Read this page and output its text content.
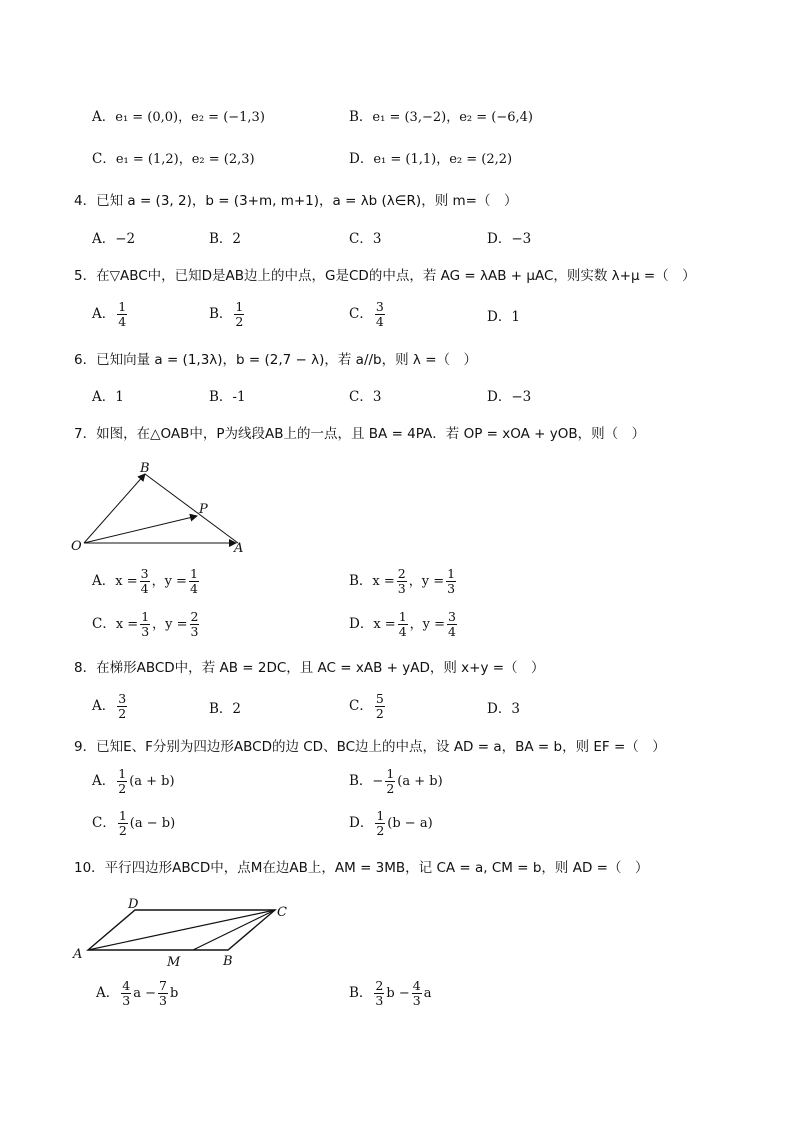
A．e₁ = (0,0)，e₂ = (−1,3)	B．e₁ = (3,−2)，e₂ = (−6,4)
C．e₁ = (1,2)，e₂ = (2,3)	D．e₁ = (1,1)，e₂ = (2,2)
4．已知 a = (3, 2)，b = (3+m, m+1)，a = λb (λ∈R)，则 m=（　）
A．−2	B．2	C．3	D．−3
5．在▽ABC中，已知D是AB边上的中点，G是CD的中点，若 AG = λAB + μAC，则实数 λ+μ =（　）
A． $\frac{1}{4}$	B． $\frac{1}{2}$	C． $\frac{3}{4}$	D．1
6．已知向量 a = (1,3λ)，b = (2,7 − λ)，若 a//b，则 λ =（　）
A．1	B．-1	C．3	D．−3
7．如图，在△OAB中，P为线段AB上的一点，且 BA = 4PA．若 OP = xOA + yOB，则（　）
O	A
B
P
A．$x = \frac{3}{4}$ ，$y = \frac{1}{4}$	B．$x = \frac{2}{3}$ ，$y = \frac{1}{3}$
C．$x = \frac{1}{3}$ ，$y = \frac{2}{3}$	D．$x = \frac{1}{4}$ ，$y = \frac{3}{4}$
8．在梯形ABCD中，若 AB = 2DC，且 AC = xAB + yAD，则 x+y =（　）
A． $\frac{3}{2}$	B．2	C． $\frac{5}{2}$	D．3
9．已知E、F分别为四边形ABCD的边 CD、BC边上的中点，设 AD = a，BA = b，则 EF =（　）
A． $\frac{1}{2} (a + b)$	B．− $\frac{1}{2} (a + b)$
C． $\frac{1}{2} (a - b)$	D． $\frac{1}{2} (b - a)$
10．平行四边形ABCD中，点M在边AB上，AM = 3MB，记 CA = a, CM = b，则 AD =（　）
A	B
C
D
M
A． $\frac{4}{3}$ $a - \frac{7}{3}$ b	B． $\frac{2}{3}$ $b - \frac{4}{3}$ a
